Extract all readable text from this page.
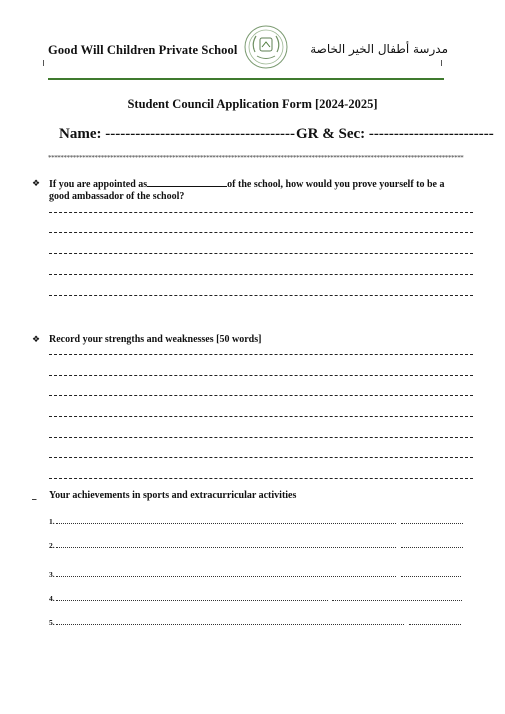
Good Will Children Private School	مدرسة أطفال الخير الخاصة
Student Council Application Form [2024-2025]
Name: -------------------------------------- GR & Sec: -------------------------
**************************************************************************************************************************************
❖ If you are appointed as	of the school, how would you prove yourself to be a
good ambassador of the school?
❖ Record your strengths and weaknesses [50 words]
_	Your achievements in sports and extracurricular activities
1.
2.
3.
4.
5.
